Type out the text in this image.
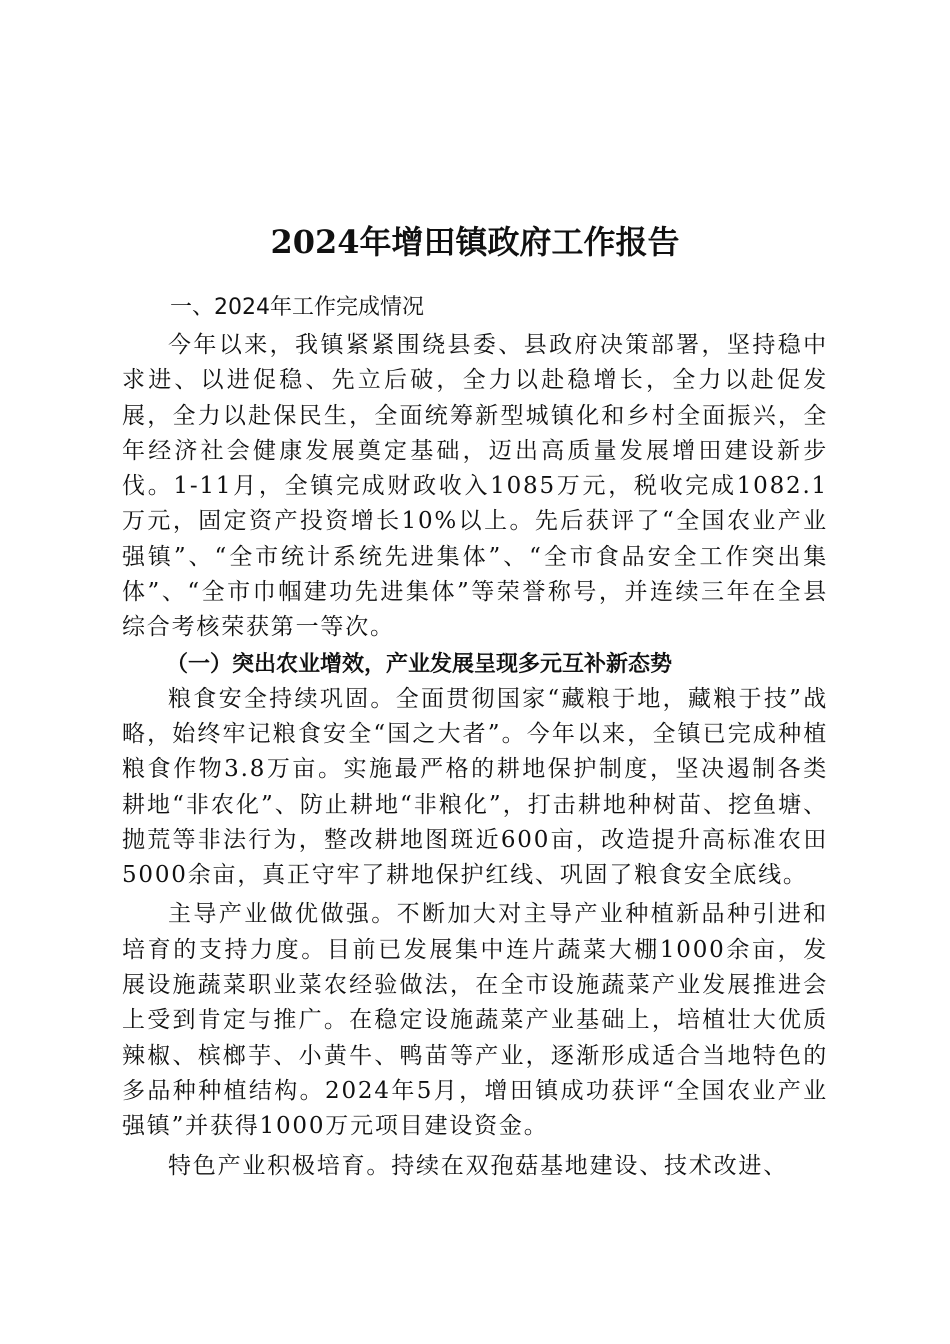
2024年增田镇政府工作报告
一、2024年工作完成情况

今年以来，我镇紧紧围绕县委、县政府决策部署，坚持稳中求进、以进促稳、先立后破，全力以赴稳增长，全力以赴促发展，全力以赴保民生，全面统筹新型城镇化和乡村全面振兴，全年经济社会健康发展奠定基础，迈出高质量发展增田建设新步伐。1-11月，全镇完成财政收入1085万元，税收完成1082.1万元，固定资产投资增长10%以上。先后获评了“全国农业产业强镇”、“全市统计系统先进集体”、“全市食品安全工作突出集体”、“全市巾帼建功先进集体”等荣誉称号，并连续三年在全县综合考核荣获第一等次。

（一）突出农业增效，产业发展呈现多元互补新态势

粮食安全持续巩固。全面贯彻国家“藏粮于地，藏粮于技”战略，始终牢记粮食安全“国之大者”。今年以来，全镇已完成种植粮食作物3.8万亩。实施最严格的耕地保护制度，坚决遏制各类耕地“非农化”、防止耕地“非粮化”，打击耕地种树苗、挖鱼塘、抛荒等非法行为，整改耕地图斑近600亩，改造提升高标准农田5000余亩，真正守牢了耕地保护红线、巩固了粮食安全底线。

主导产业做优做强。不断加大对主导产业种植新品种引进和培育的支持力度。目前已发展集中连片蔬菜大棚1000余亩，发展设施蔬菜职业菜农经验做法，在全市设施蔬菜产业发展推进会上受到肯定与推广。在稳定设施蔬菜产业基础上，培植壮大优质辣椒、槟榔芋、小黄牛、鸭苗等产业，逐渐形成适合当地特色的多品种种植结构。2024年5月，增田镇成功获评“全国农业产业强镇”并获得1000万元项目建设资金。

特色产业积极培育。持续在双孢菇基地建设、技术改进、
